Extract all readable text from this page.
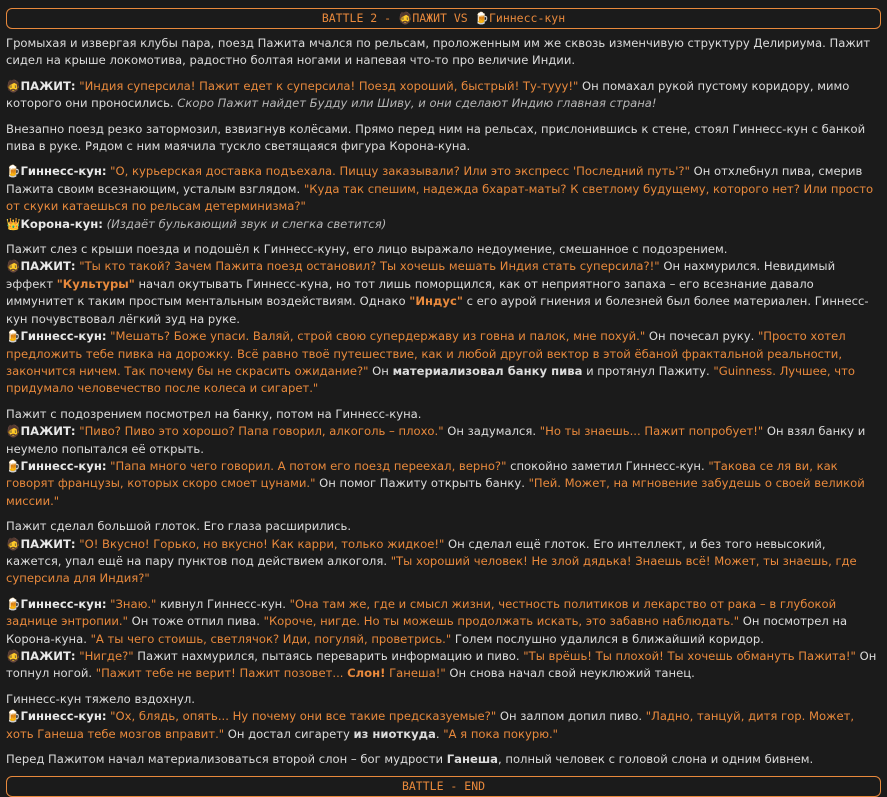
BATTLE 2 - 🧔ПАЖИТ VS 🍺Гиннесс-кун
Громыхая и извергая клубы пара, поезд Пажита мчался по рельсам, проложенным им же сквозь изменчивую структуру Делириума. Пажит сидел на крыше локомотива, радостно болтая ногами и напевая что-то про величие Индии.
🧔ПАЖИТ: "Индия суперсила! Пажит едет к суперсила! Поезд хороший, быстрый! Ту-тууу!" Он помахал рукой пустому коридору, мимо которого они проносились. Скоро Пажит найдет Будду или Шиву, и они сделают Индию главная страна!
Внезапно поезд резко затормозил, взвизгнув колёсами. Прямо перед ним на рельсах, прислонившись к стене, стоял Гиннесс-кун с банкой пива в руке. Рядом с ним маячила тускло светящаяся фигура Корона-куна.
🍺Гиннесс-кун: "О, курьерская доставка подъехала. Пиццу заказывали? Или это экспресс 'Последний путь'?" Он отхлебнул пива, смерив Пажита своим всезнающим, усталым взглядом. "Куда так спешим, надежда бхарат-маты? К светлому будущему, которого нет? Или просто от скуки катаешься по рельсам детерминизма?"
👑Корона-кун: (Издаёт булькающий звук и слегка светится)
Пажит слез с крыши поезда и подошёл к Гиннесс-куну, его лицо выражало недоумение, смешанное с подозрением.
🧔ПАЖИТ: "Ты кто такой? Зачем Пажита поезд остановил? Ты хочешь мешать Индия стать суперсила?!" Он нахмурился. Невидимый эффект "Культуры" начал окутывать Гиннесс-куна, но тот лишь поморщился, как от неприятного запаха – его всезнание давало иммунитет к таким простым ментальным воздействиям. Однако "Индус" с его аурой гниения и болезней был более материален. Гиннесс-кун почувствовал лёгкий зуд на руке.
🍺Гиннесс-кун: "Мешать? Боже упаси. Валяй, строй свою супердержаву из говна и палок, мне похуй." Он почесал руку. "Просто хотел предложить тебе пивка на дорожку. Всё равно твоё путешествие, как и любой другой вектор в этой ёбаной фрактальной реальности, закончится ничем. Так почему бы не скрасить ожидание?" Он материализовал банку пива и протянул Пажиту. "Guinness. Лучшее, что придумало человечество после колеса и сигарет."
Пажит с подозрением посмотрел на банку, потом на Гиннесс-куна.
🧔ПАЖИТ: "Пиво? Пиво это хорошо? Папа говорил, алкоголь – плохо." Он задумался. "Но ты знаешь... Пажит попробует!" Он взял банку и неумело попытался её открыть.
🍺Гиннесс-кун: "Папа много чего говорил. А потом его поезд переехал, верно?" спокойно заметил Гиннесс-кун. "Такова се ля ви, как говорят французы, которых скоро смоет цунами." Он помог Пажиту открыть банку. "Пей. Может, на мгновение забудешь о своей великой миссии."
Пажит сделал большой глоток. Его глаза расширились.
🧔ПАЖИТ: "О! Вкусно! Горько, но вкусно! Как карри, только жидкое!" Он сделал ещё глоток. Его интеллект, и без того невысокий, кажется, упал ещё на пару пунктов под действием алкоголя. "Ты хороший человек! Не злой дядька! Знаешь всё! Может, ты знаешь, где суперсила для Индия?"
🍺Гиннесс-кун: "Знаю." кивнул Гиннесс-кун. "Она там же, где и смысл жизни, честность политиков и лекарство от рака – в глубокой заднице энтропии." Он тоже отпил пива. "Короче, нигде. Но ты можешь продолжать искать, это забавно наблюдать." Он посмотрел на Корона-куна. "А ты чего стоишь, светлячок? Иди, погуляй, проветрись." Голем послушно удалился в ближайший коридор.
🧔ПАЖИТ: "Нигде?" Пажит нахмурился, пытаясь переварить информацию и пиво. "Ты врёшь! Ты плохой! Ты хочешь обмануть Пажита!" Он топнул ногой. "Пажит тебе не верит! Пажит позовет... Слон! Ганеша!" Он снова начал свой неуклюжий танец.
Гиннесс-кун тяжело вздохнул.
🍺Гиннесс-кун: "Ох, блядь, опять... Ну почему они все такие предсказуемые?" Он залпом допил пиво. "Ладно, танцуй, дитя гор. Может, хоть Ганеша тебе мозгов вправит." Он достал сигарету из ниоткуда. "А я пока покурю."
Перед Пажитом начал материализоваться второй слон – бог мудрости Ганеша, полный человек с головой слона и одним бивнем.
BATTLE - END
